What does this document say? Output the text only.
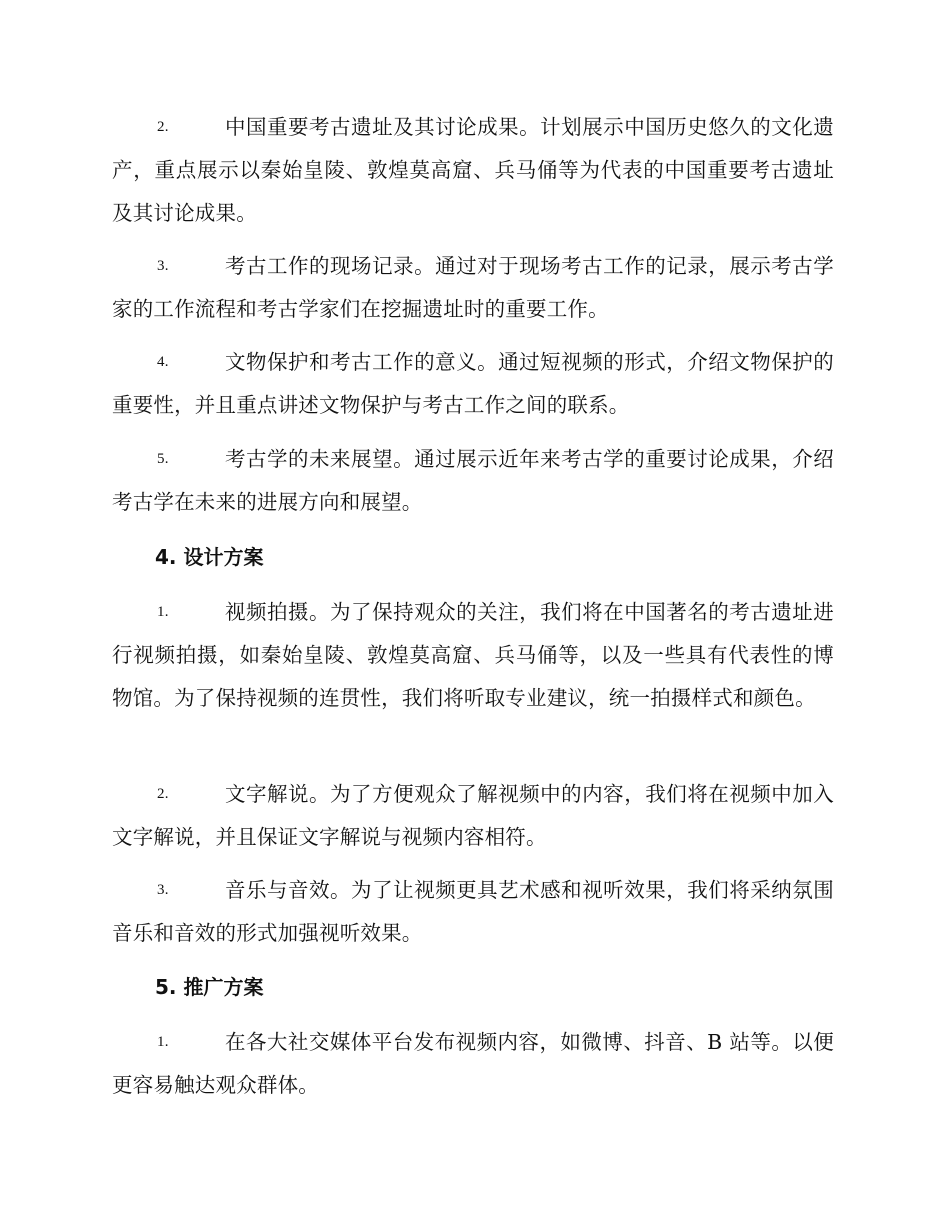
2.	中国重要考古遗址及其讨论成果。计划展示中国历史悠久的文化遗产，重点展示以秦始皇陵、敦煌莫高窟、兵马俑等为代表的中国重要考古遗址及其讨论成果。
3.	考古工作的现场记录。通过对于现场考古工作的记录，展示考古学家的工作流程和考古学家们在挖掘遗址时的重要工作。
4.	文物保护和考古工作的意义。通过短视频的形式，介绍文物保护的重要性，并且重点讲述文物保护与考古工作之间的联系。
5.	考古学的未来展望。通过展示近年来考古学的重要讨论成果，介绍考古学在未来的进展方向和展望。
4. 设计方案
1.	视频拍摄。为了保持观众的关注，我们将在中国著名的考古遗址进行视频拍摄，如秦始皇陵、敦煌莫高窟、兵马俑等，以及一些具有代表性的博物馆。为了保持视频的连贯性，我们将听取专业建议，统一拍摄样式和颜色。
2.	文字解说。为了方便观众了解视频中的内容，我们将在视频中加入文字解说，并且保证文字解说与视频内容相符。
3.	音乐与音效。为了让视频更具艺术感和视听效果，我们将采纳氛围音乐和音效的形式加强视听效果。
5. 推广方案
1.	在各大社交媒体平台发布视频内容，如微博、抖音、B 站等。以便更容易触达观众群体。
